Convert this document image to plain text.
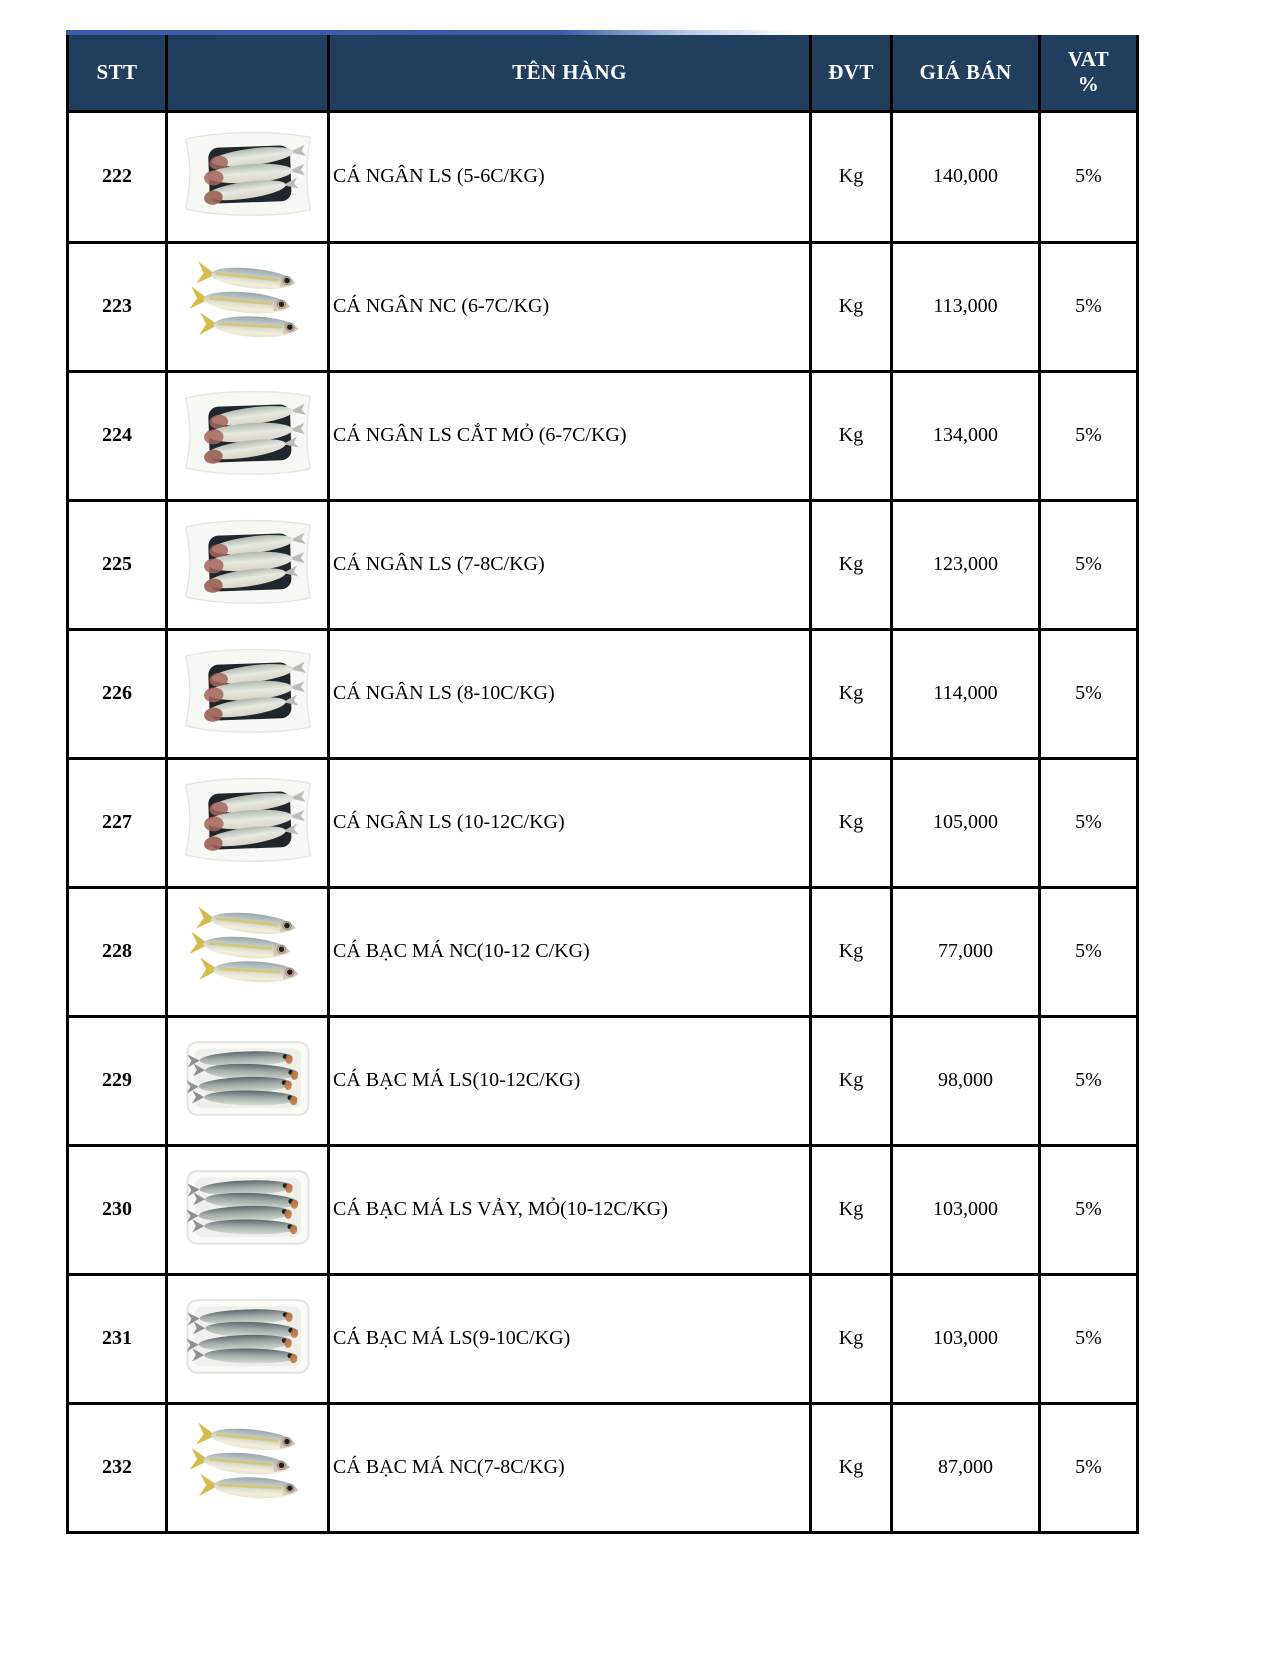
STT		TÊN HÀNG	ĐVT	GIÁ BÁN	VAT
%

222		CÁ NGÂN LS (5-6C/KG)	Kg	140,000	5%
223		CÁ NGÂN NC (6-7C/KG)	Kg	113,000	5%
224		CÁ NGÂN LS CẮT MỎ (6-7C/KG)	Kg	134,000	5%
225		CÁ NGÂN LS (7-8C/KG)	Kg	123,000	5%
226		CÁ NGÂN LS (8-10C/KG)	Kg	114,000	5%
227		CÁ NGÂN LS (10-12C/KG)	Kg	105,000	5%
228		CÁ BẠC MÁ NC(10-12 C/KG)	Kg	77,000	5%
229		CÁ BẠC MÁ LS(10-12C/KG)	Kg	98,000	5%
230		CÁ BẠC MÁ LS VẢY, MỎ(10-12C/KG)	Kg	103,000	5%
231		CÁ BẠC MÁ LS(9-10C/KG)	Kg	103,000	5%
232		CÁ BẠC MÁ NC(7-8C/KG)	Kg	87,000	5%
